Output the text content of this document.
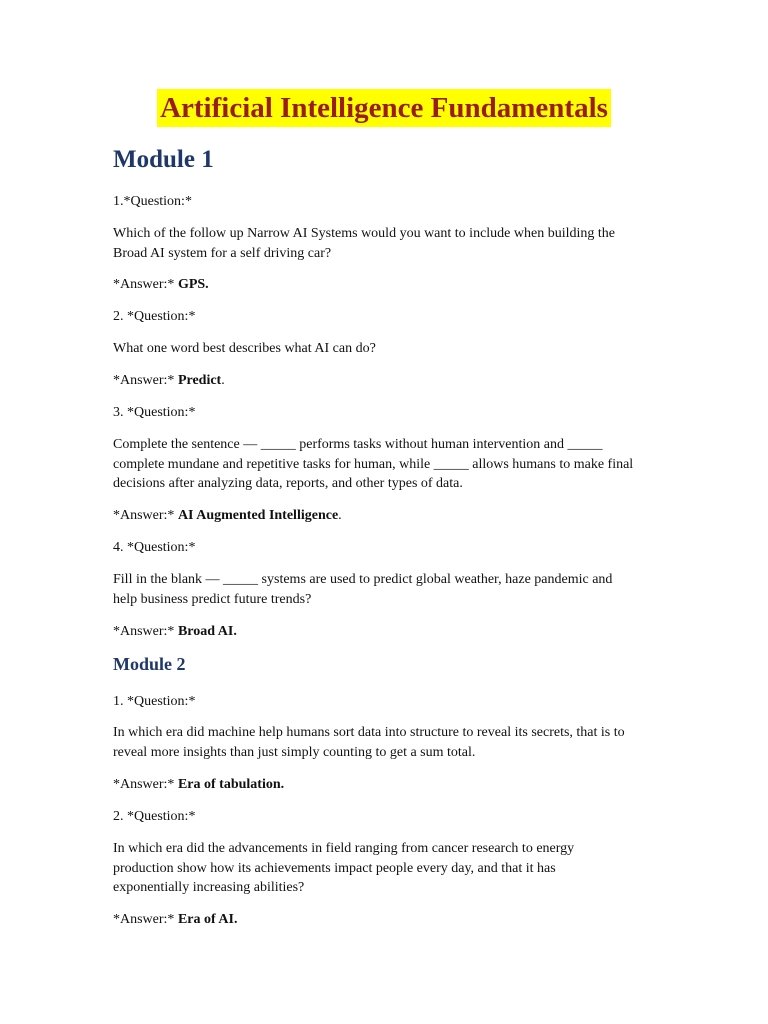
Artificial Intelligence Fundamentals
Module 1

1.*Question:*

Which of the follow up Narrow AI Systems would you want to include when building the
Broad AI system for a self driving car?

*Answer:* GPS.

2. *Question:*

What one word best describes what AI can do?

*Answer:* Predict.

3. *Question:*

Complete the sentence — _____ performs tasks without human intervention and _____
complete mundane and repetitive tasks for human, while _____ allows humans to make final
decisions after analyzing data, reports, and other types of data.

*Answer:* AI Augmented Intelligence.

4. *Question:*

Fill in the blank — _____ systems are used to predict global weather, haze pandemic and
help business predict future trends?

*Answer:* Broad AI.

Module 2

1. *Question:*

In which era did machine help humans sort data into structure to reveal its secrets, that is to
reveal more insights than just simply counting to get a sum total.

*Answer:* Era of tabulation.

2. *Question:*

In which era did the advancements in field ranging from cancer research to energy
production show how its achievements impact people every day, and that it has
exponentially increasing abilities?

*Answer:* Era of AI.
